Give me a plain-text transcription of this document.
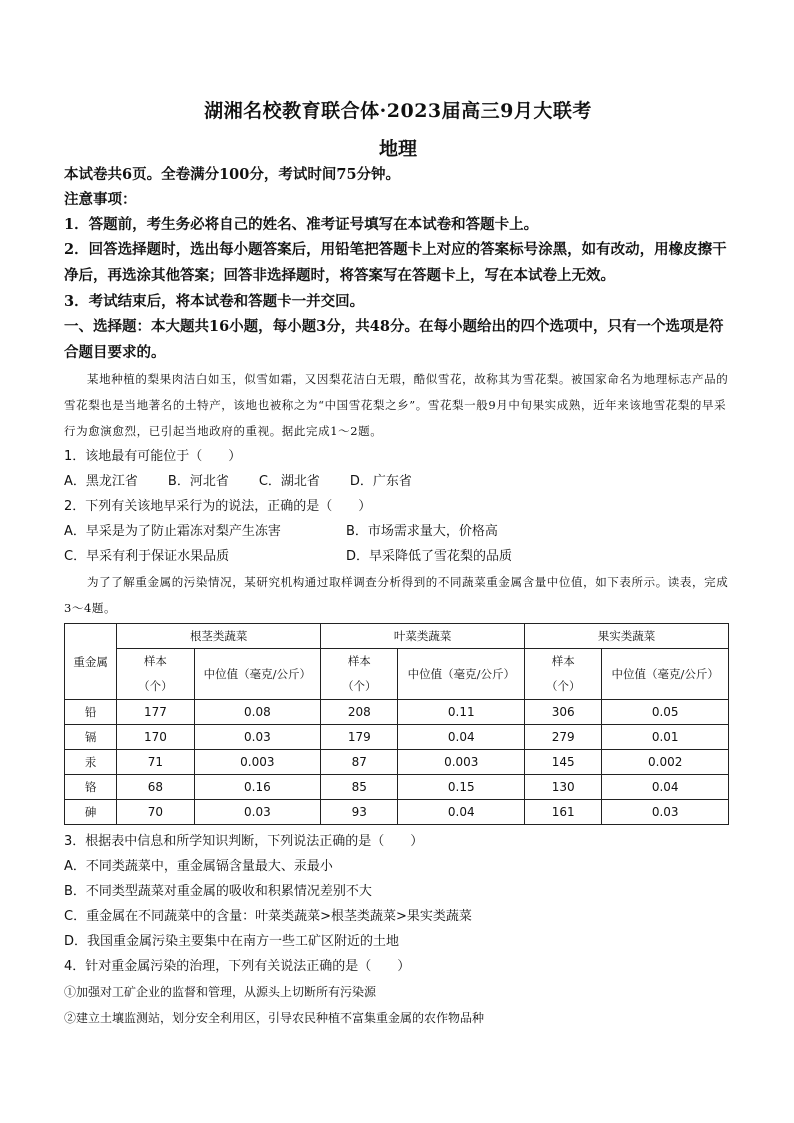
湖湘名校教育联合体·2023届高三9月大联考
地理

本试卷共6页。全卷满分100分，考试时间75分钟。

注意事项：

1．答题前，考生务必将自己的姓名、准考证号填写在本试卷和答题卡上。

2．回答选择题时，选出每小题答案后，用铅笔把答题卡上对应的答案标号涂黑，如有改动，用橡皮擦干净后，再选涂其他答案；回答非选择题时，将答案写在答题卡上，写在本试卷上无效。

3．考试结束后，将本试卷和答题卡一并交回。

一、选择题：本大题共16小题，每小题3分，共48分。在每小题给出的四个选项中，只有一个选项是符合题目要求的。

某地种植的梨果肉洁白如玉，似雪如霜，又因梨花洁白无瑕，酷似雪花，故称其为雪花梨。被国家命名为地理标志产品的雪花梨也是当地著名的土特产，该地也被称之为“中国雪花梨之乡”。雪花梨一般9月中旬果实成熟，近年来该地雪花梨的早采行为愈演愈烈，已引起当地政府的重视。据此完成1～2题。

1．该地最有可能位于（　　）

A．黑龙江省 B．河北省 C．湖北省 D．广东省

2．下列有关该地早采行为的说法，正确的是（　　）

A．早采是为了防止霜冻对梨产生冻害	B．市场需求量大，价格高
C．早采有利于保证水果品质	D．早采降低了雪花梨的品质

为了了解重金属的污染情况，某研究机构通过取样调查分析得到的不同蔬菜重金属含量中位值，如下表所示。读表，完成3～4题。

重金属	根茎类蔬菜		叶菜类蔬菜		果实类蔬菜	
	样本（个）	中位值（毫克/公斤）	样本（个）	中位值（毫克/公斤）	样本（个）	中位值（毫克/公斤）
铅	177	0.08	208	0.11	306	0.05
镉	170	0.03	179	0.04	279	0.01
汞	71	0.003	87	0.003	145	0.002
铬	68	0.16	85	0.15	130	0.04
砷	70	0.03	93	0.04	161	0.03

3．根据表中信息和所学知识判断，下列说法正确的是（　　）

A．不同类蔬菜中，重金属镉含量最大、汞最小

B．不同类型蔬菜对重金属的吸收和积累情况差别不大

C．重金属在不同蔬菜中的含量：叶菜类蔬菜>根茎类蔬菜>果实类蔬菜

D．我国重金属污染主要集中在南方一些工矿区附近的土地

4．针对重金属污染的治理，下列有关说法正确的是（　　）

①加强对工矿企业的监督和管理，从源头上切断所有污染源

②建立土壤监测站，划分安全利用区，引导农民种植不富集重金属的农作物品种
